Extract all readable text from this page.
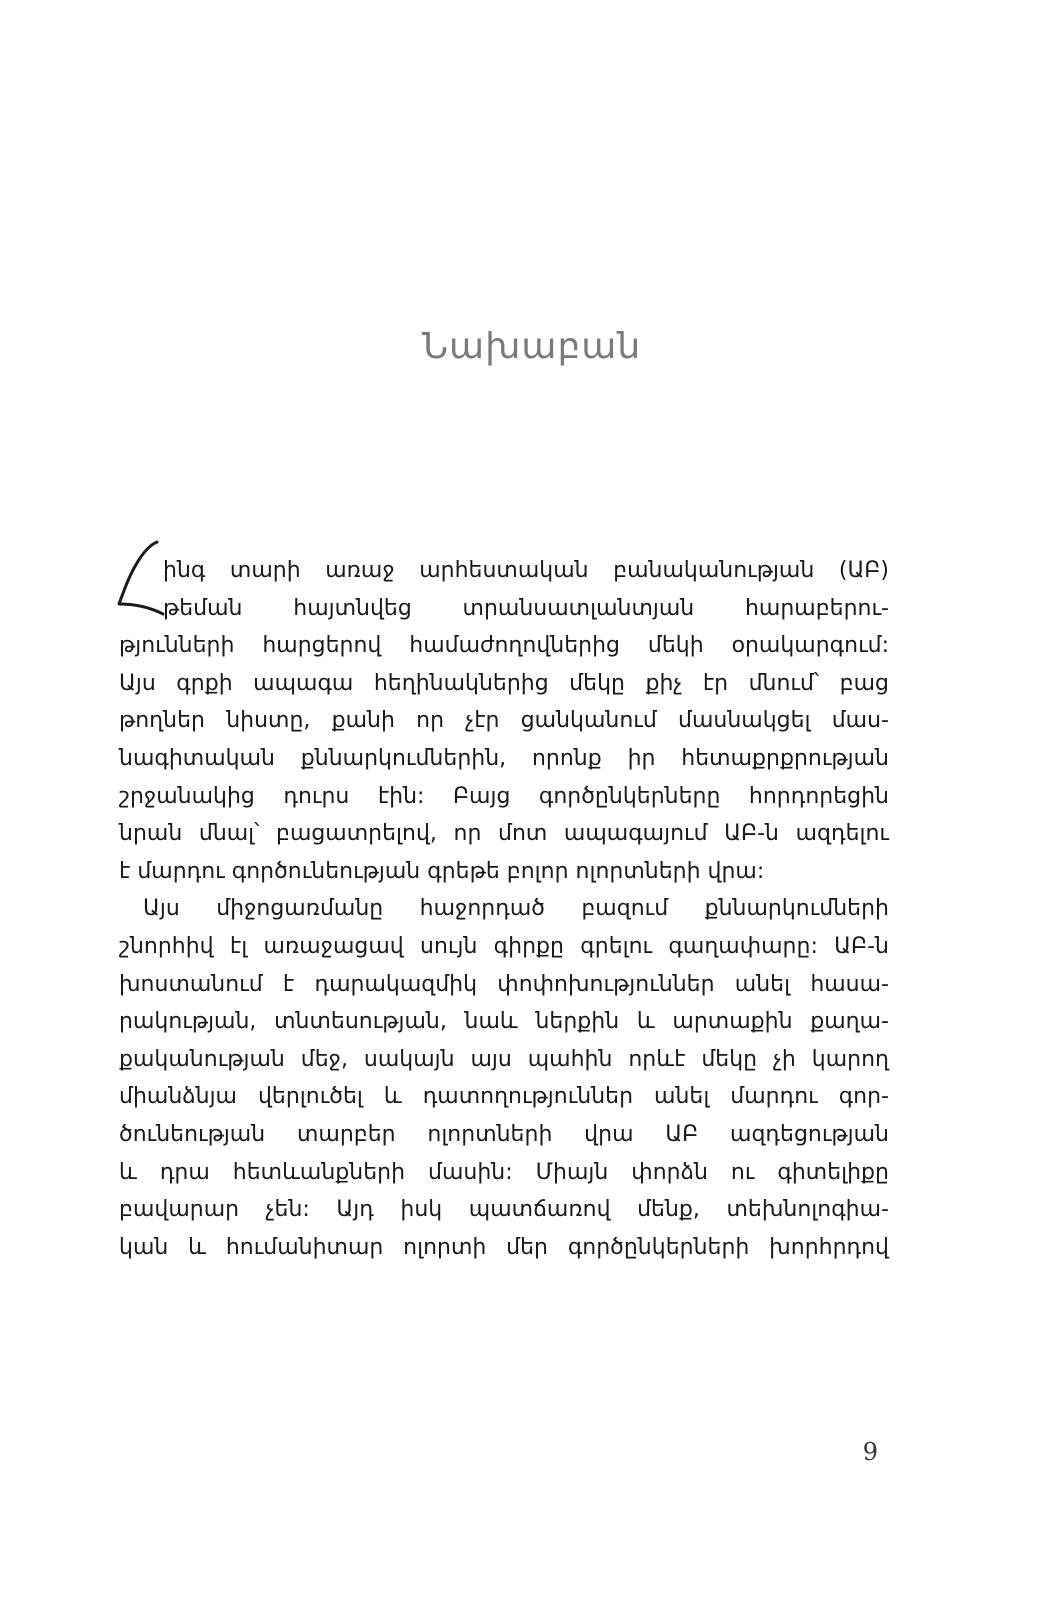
Նախաբան
ինգ տարի առաջ արհեստական բանականության (ԱԲ)
թեման հայտնվեց տրանսատլանտյան հարաբերու-
թյունների հարցերով համաժողովներից մեկի օրակարգում:
Այս գրքի ապագա հեղինակներից մեկը քիչ էր մնում՝ բաց
թողներ նիստը, քանի որ չէր ցանկանում մասնակցել մաս-
նագիտական քննարկումներին, որոնք իր հետաքրքրության
շրջանակից դուրս էին: Բայց գործընկերները հորդորեցին
նրան մնալ՝ բացատրելով, որ մոտ ապագայում ԱԲ-ն ազդելու
է մարդու գործունեության գրեթե բոլոր ոլորտների վրա:
Այս միջոցառմանը հաջորդած բազում քննարկումների
շնորհիվ էլ առաջացավ սույն գիրքը գրելու գաղափարը: ԱԲ-ն
խոստանում է դարակազմիկ փոփոխություններ անել հասա-
րակության, տնտեսության, նաև ներքին և արտաքին քաղա-
քականության մեջ, սակայն այս պահին որևէ մեկը չի կարող
միանձնյա վերլուծել և դատողություններ անել մարդու գոր-
ծունեության տարբեր ոլորտների վրա ԱԲ ազդեցության
և դրա հետևանքների մասին: Միայն փորձն ու գիտելիքը
բավարար չեն: Այդ իսկ պատճառով մենք, տեխնոլոգիա-
կան և հումանիտար ոլորտի մեր գործընկերների խորհրդով
9
